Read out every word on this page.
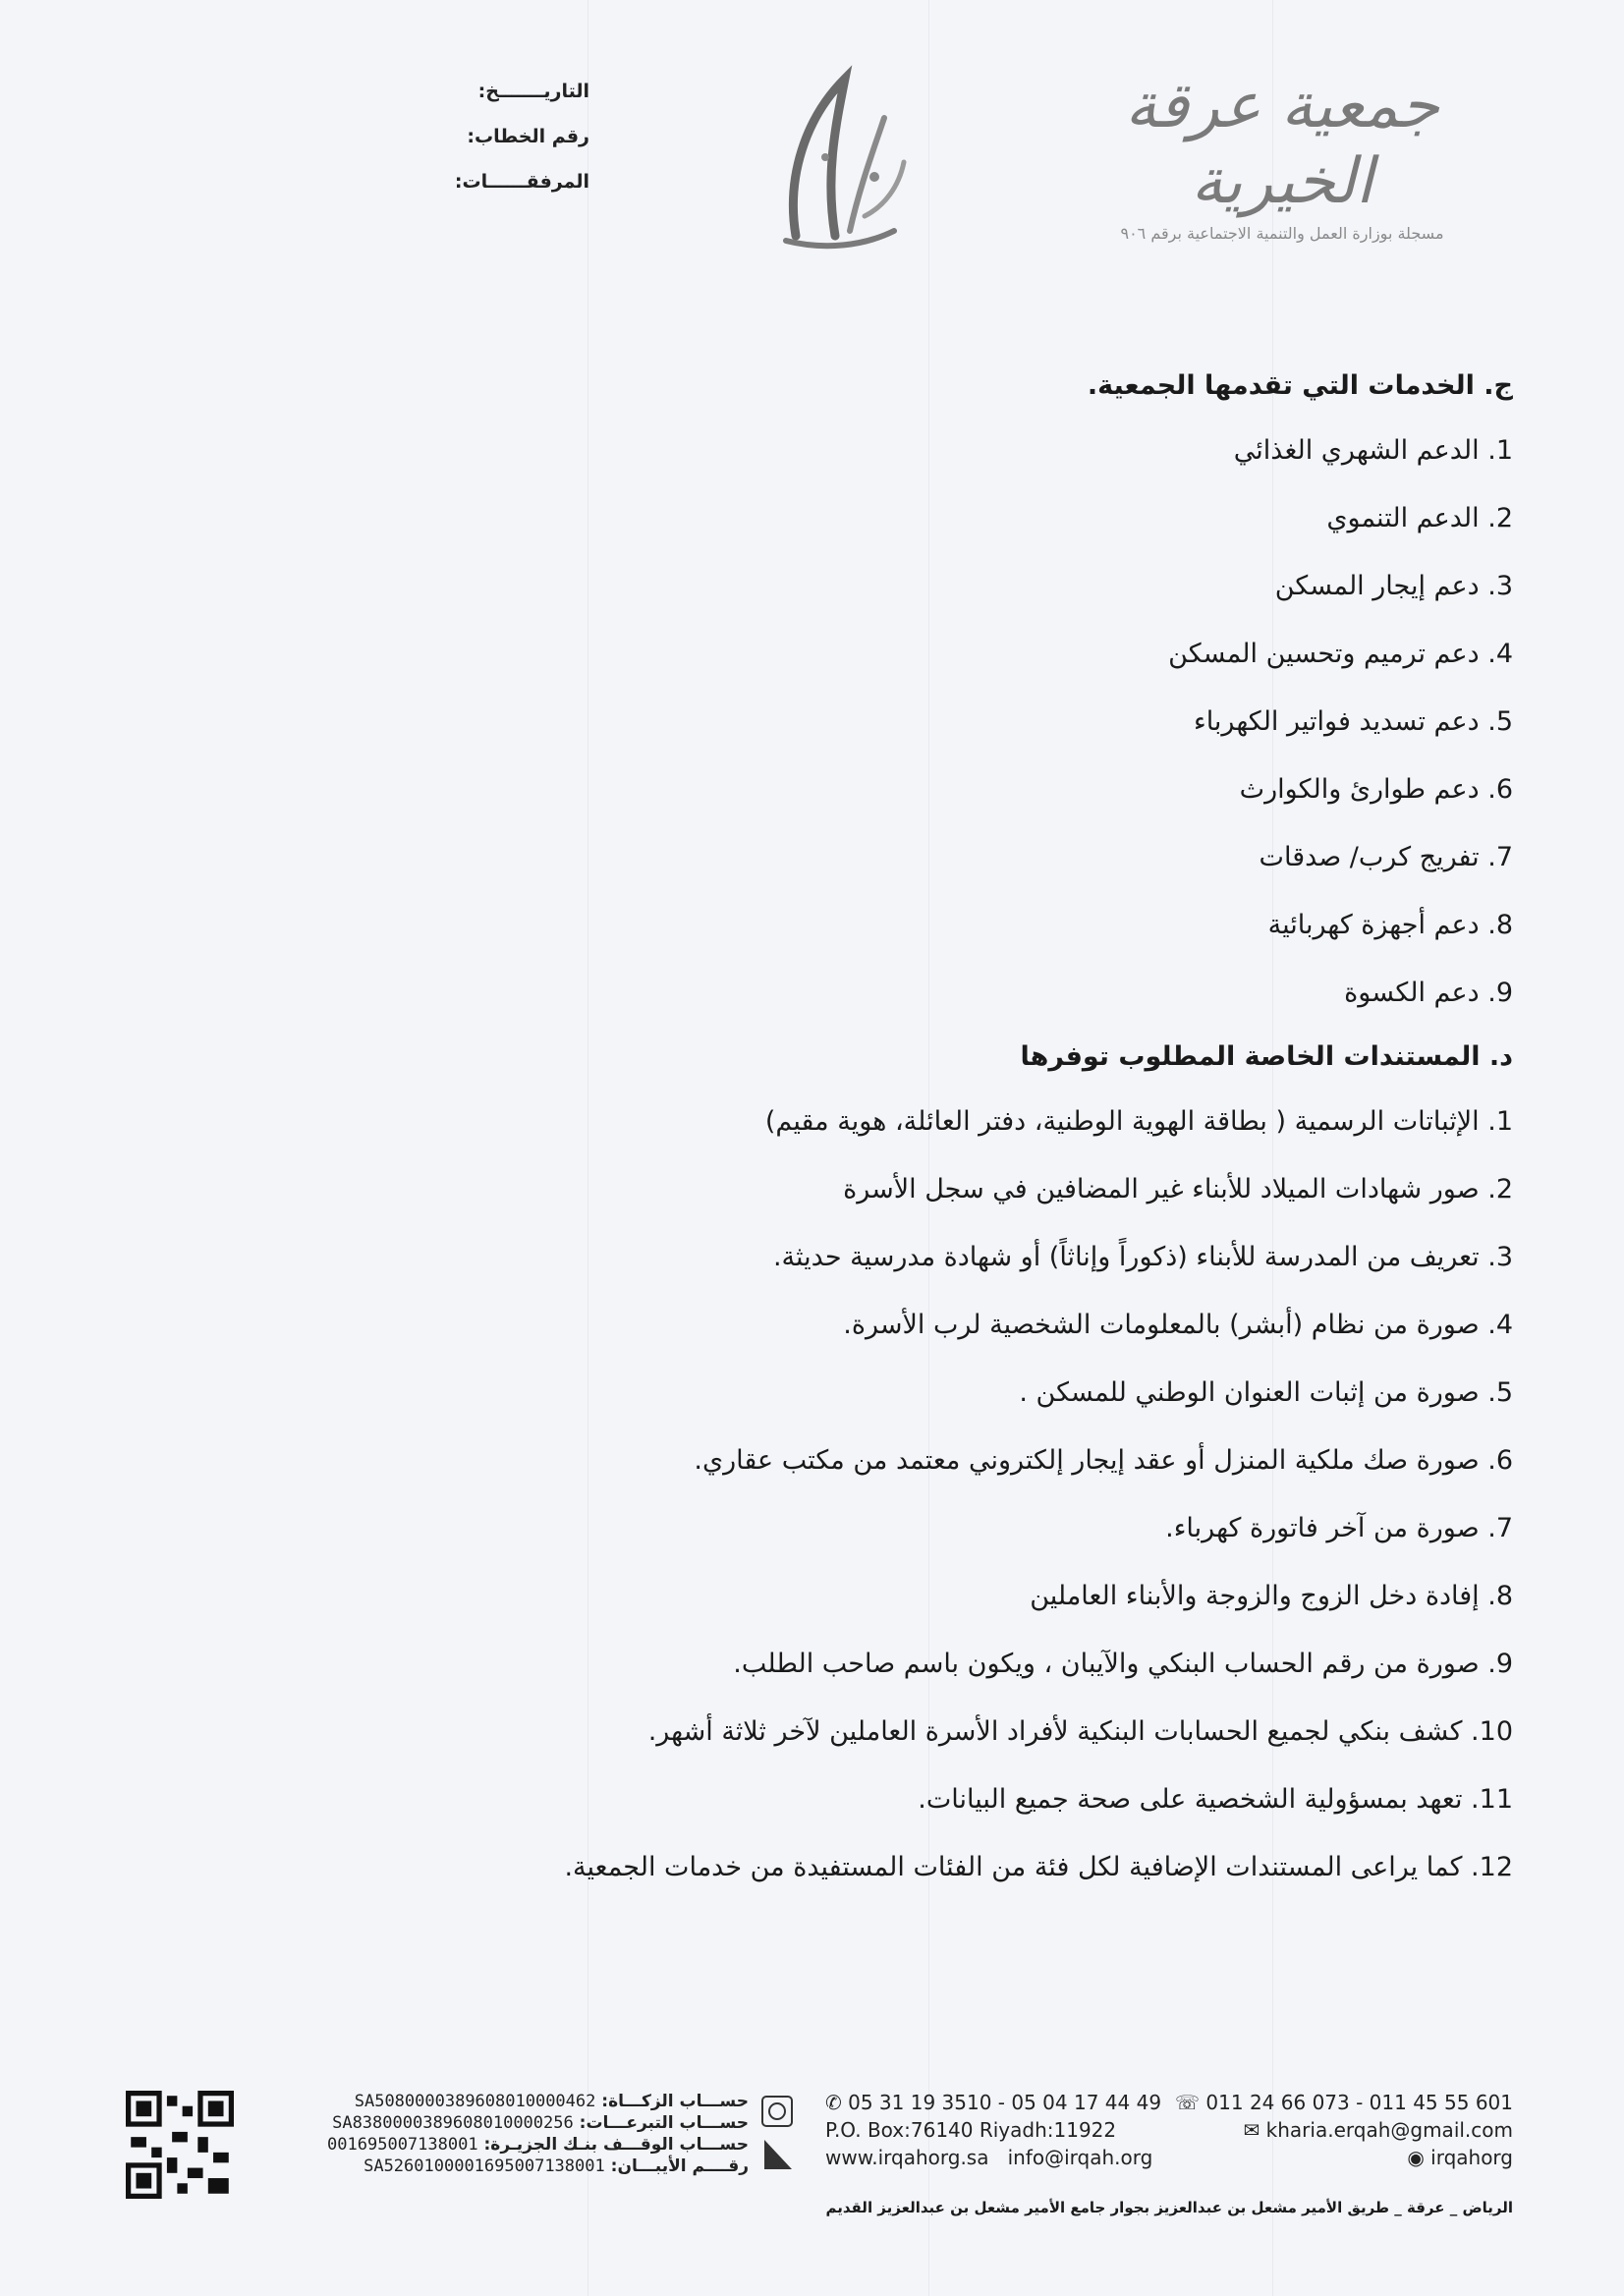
التاريـــــــخ:
رقم الخطاب:
المرفقــــــات:
جمعية عرقة الخيرية
مسجلة بوزارة العمل والتنمية الاجتماعية برقم ٩٠٦
ج. الخدمات التي تقدمها الجمعية.
1. الدعم الشهري الغذائي
2. الدعم التنموي
3. دعم إيجار المسكن
4. دعم ترميم وتحسين المسكن
5. دعم تسديد فواتير الكهرباء
6. دعم طوارئ والكوارث
7. تفريج كرب/ صدقات
8. دعم أجهزة كهربائية
9. دعم الكسوة
د. المستندات الخاصة المطلوب توفرها
1. الإثباتات الرسمية ( بطاقة الهوية الوطنية، دفتر العائلة، هوية مقيم)
2. صور شهادات الميلاد للأبناء غير المضافين في سجل الأسرة
3. تعريف من المدرسة للأبناء (ذكوراً وإناثاً) أو شهادة مدرسية حديثة.
4. صورة من نظام (أبشر) بالمعلومات الشخصية لرب الأسرة.
5. صورة من إثبات العنوان الوطني للمسكن .
6. صورة صك ملكية المنزل أو عقد إيجار إلكتروني معتمد من مكتب عقاري.
7. صورة من آخر فاتورة كهرباء.
8. إفادة دخل الزوج والزوجة والأبناء العاملين
9. صورة من رقم الحساب البنكي والآيبان ، ويكون باسم صاحب الطلب.
10. كشف بنكي لجميع الحسابات البنكية لأفراد الأسرة العاملين لآخر ثلاثة أشهر.
11. تعهد بمسؤولية الشخصية على صحة جميع البيانات.
12. كما يراعى المستندات الإضافية لكل فئة من الفئات المستفيدة من خدمات الجمعية.
حســـاب الزكـــاة: SA5080000389608010000462
حســـاب التبرعـــات: SA8380000389608010000256
حســـاب الوقـــف بنـك الجزيـرة: 001695007138001
رقــــم الأيبـــان: SA5260100001695007138001
✆ 05 31 19 3510 - 05 04 17 44 49 ☏ 011 24 66 073 - 011 45 55 601
P.O. Box:76140 Riyadh:11922	✉ kharia.erqah@gmail.com
www.irqahorg.sa info@irqah.org	◉ irqahorg
الرياض _ عرقة _ طريق الأمير مشعل بن عبدالعزيز بجوار جامع الأمير مشعل بن عبدالعزيز القديم
